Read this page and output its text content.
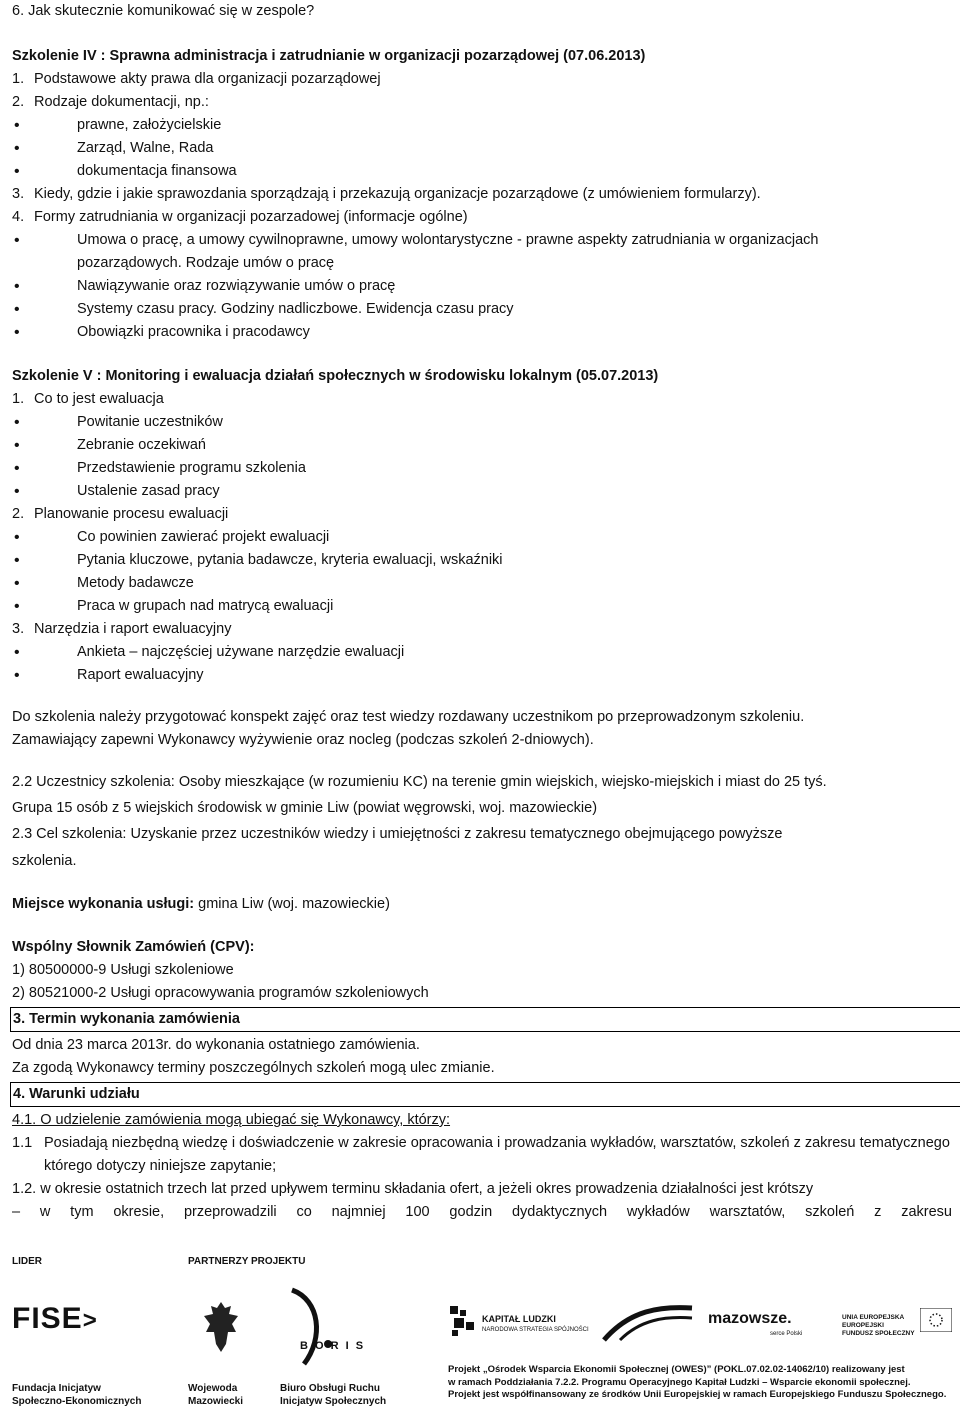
6. Jak skutecznie komunikować się w zespole?
Szkolenie IV : Sprawna administracja i zatrudnianie w organizacji pozarządowej (07.06.2013)
1. Podstawowe akty prawa dla organizacji pozarządowej
2. Rodzaje dokumentacji, np.:
• prawne, założycielskie
• Zarząd, Walne, Rada
• dokumentacja finansowa
3. Kiedy, gdzie i jakie sprawozdania sporządzają i przekazują organizacje pozarządowe (z umówieniem formularzy).
4. Formy zatrudniania w organizacji pozarzadowej (informacje ogólne)
• Umowa o pracę, a umowy cywilnoprawne, umowy wolontarystyczne - prawne aspekty zatrudniania w organizacjach
pozarządowych. Rodzaje umów o pracę
• Nawiązywanie oraz rozwiązywanie umów o pracę
• Systemy czasu pracy. Godziny nadliczbowe. Ewidencja czasu pracy
• Obowiązki pracownika i pracodawcy
Szkolenie V : Monitoring i ewaluacja działań społecznych w środowisku lokalnym (05.07.2013)
1. Co to jest ewaluacja
• Powitanie uczestników
• Zebranie oczekiwań
• Przedstawienie programu szkolenia
• Ustalenie zasad pracy
2. Planowanie procesu ewaluacji
• Co powinien zawierać projekt ewaluacji
• Pytania kluczowe, pytania badawcze, kryteria ewaluacji, wskaźniki
• Metody badawcze
• Praca w grupach nad matrycą ewaluacji
3. Narzędzia i raport ewaluacyjny
• Ankieta – najczęściej używane narzędzie ewaluacji
• Raport ewaluacyjny
Do szkolenia należy przygotować konspekt zajęć oraz test wiedzy rozdawany uczestnikom po przeprowadzonym szkoleniu.
Zamawiający zapewni Wykonawcy wyżywienie oraz nocleg (podczas szkoleń 2-dniowych).
2.2 Uczestnicy szkolenia: Osoby mieszkające (w rozumieniu KC) na terenie gmin wiejskich, wiejsko-miejskich i miast do 25 tyś.
Grupa 15 osób z 5 wiejskich środowisk w gminie Liw (powiat węgrowski, woj. mazowieckie)
2.3 Cel szkolenia: Uzyskanie przez uczestników wiedzy i umiejętności z zakresu tematycznego obejmującego powyższe
szkolenia.
Miejsce wykonania usługi: gmina Liw (woj. mazowieckie)
Wspólny Słownik Zamówień (CPV):
1) 80500000-9 Usługi szkoleniowe
2) 80521000-2 Usługi opracowywania programów szkoleniowych
3. Termin wykonania zamówienia
Od dnia 23 marca 2013r. do wykonania ostatniego zamówienia.
Za zgodą Wykonawcy terminy poszczególnych szkoleń mogą ulec zmianie.
4. Warunki udziału
4.1. O udzielenie zamówienia mogą ubiegać się Wykonawcy, którzy:
1.1 Posiadają niezbędną wiedzę i doświadczenie w zakresie opracowania i prowadzania wykładów, warsztatów, szkoleń z zakresu tematycznego którego dotyczy niniejsze zapytanie;
1.2. w okresie ostatnich trzech lat przed upływem terminu składania ofert, a jeżeli okres prowadzenia działalności jest krótszy
– w tym okresie, przeprowadzili co najmniej 100 godzin dydaktycznych wykładów warsztatów, szkoleń z zakresu
LIDER	PARTNERZY PROJEKTU
FISE>
Fundacja Inicjatyw
Społeczno-Ekonomicznych
Wojewoda
Mazowiecki
B O R I S
Biuro Obsługi Ruchu
Inicjatyw Społecznych
KAPITAŁ LUDZKI
NARODOWA STRATEGIA SPÓJNOŚCI
mazowsze.
serce Polski
UNIA EUROPEJSKA
EUROPEJSKI
FUNDUSZ SPOŁECZNY
Projekt „Ośrodek Wsparcia Ekonomii Społecznej (OWES)” (POKL.07.02.02-14062/10) realizowany jest
w ramach Poddziałania 7.2.2. Programu Operacyjnego Kapitał Ludzki – Wsparcie ekonomii społecznej.
Projekt jest współfinansowany ze środków Unii Europejskiej w ramach Europejskiego Funduszu Społecznego.
